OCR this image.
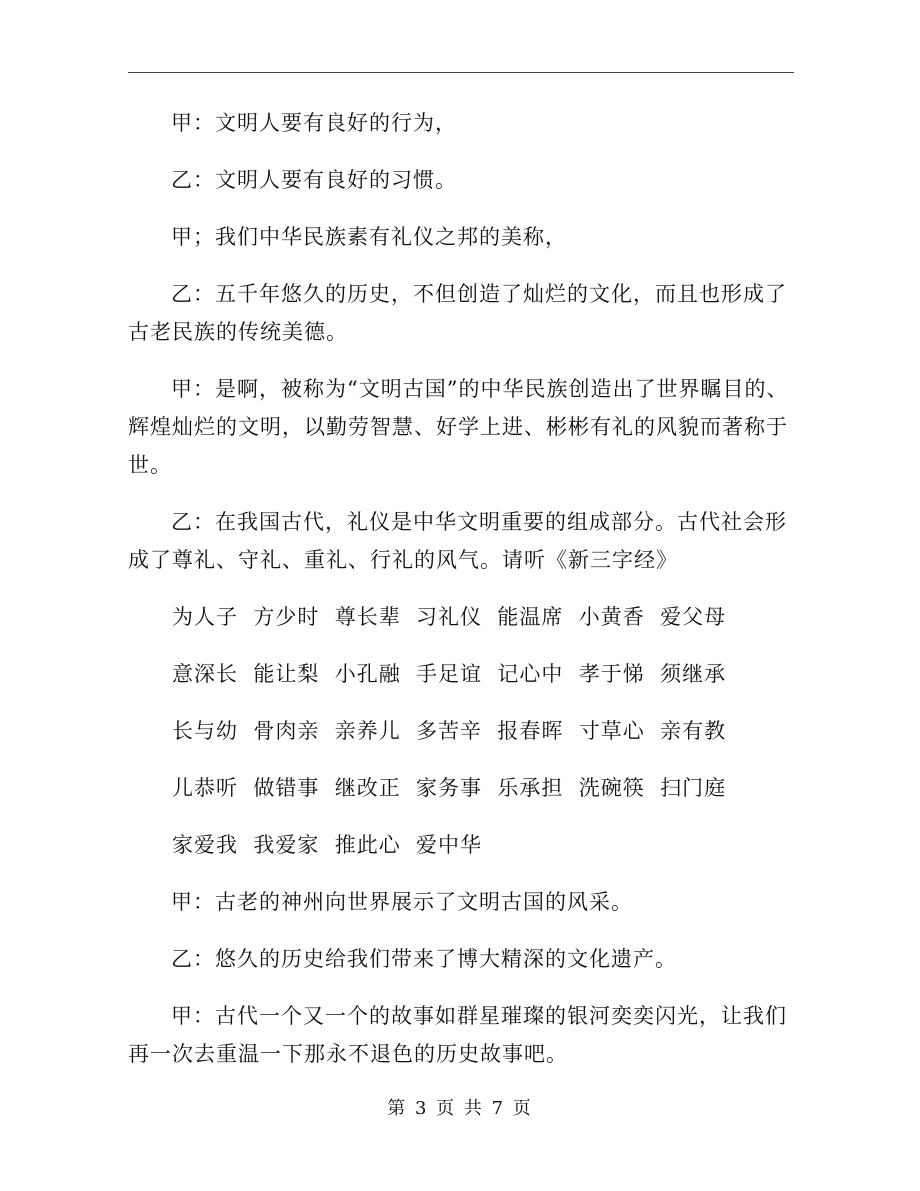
甲：文明人要有良好的行为，

乙：文明人要有良好的习惯。

甲；我们中华民族素有礼仪之邦的美称，

乙：五千年悠久的历史，不但创造了灿烂的文化，而且也形成了古老民族的传统美德。

甲：是啊，被称为“文明古国”的中华民族创造出了世界瞩目的、辉煌灿烂的文明，以勤劳智慧、好学上进、彬彬有礼的风貌而著称于世。

乙：在我国古代，礼仪是中华文明重要的组成部分。古代社会形成了尊礼、守礼、重礼、行礼的风气。请听《新三字经》

为人子  方少时  尊长辈  习礼仪  能温席  小黄香  爱父母
意深长  能让梨  小孔融  手足谊  记心中  孝于悌  须继承
长与幼  骨肉亲  亲养儿  多苦辛  报春晖  寸草心  亲有教
儿恭听  做错事  继改正  家务事  乐承担  洗碗筷  扫门庭
家爱我  我爱家  推此心  爱中华

甲：古老的神州向世界展示了文明古国的风采。

乙：悠久的历史给我们带来了博大精深的文化遗产。

甲：古代一个又一个的故事如群星璀璨的银河奕奕闪光，让我们再一次去重温一下那永不退色的历史故事吧。

第 3 页 共 7 页
